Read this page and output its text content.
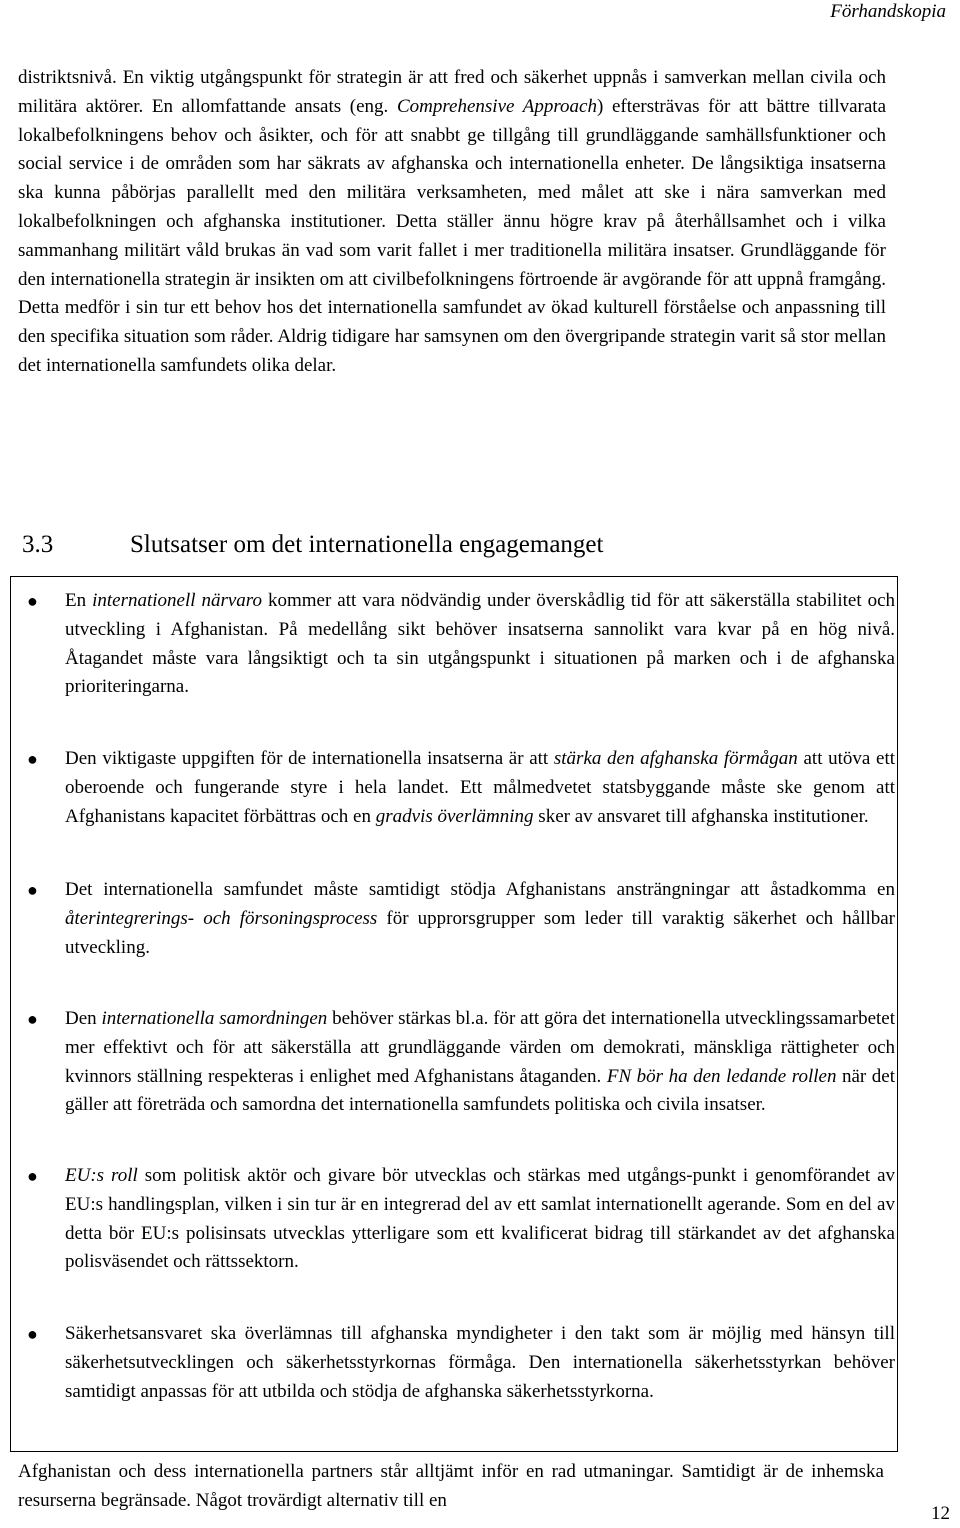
Förhandskopia
distriktsnivå. En viktig utgångspunkt för strategin är att fred och säkerhet uppnås i samverkan mellan civila och militära aktörer. En allomfattande ansats (eng. Comprehensive Approach) eftersträvas för att bättre tillvarata lokalbefolkningens behov och åsikter, och för att snabbt ge tillgång till grundläggande samhällsfunktioner och social service i de områden som har säkrats av afghanska och internationella enheter. De långsiktiga insatserna ska kunna påbörjas parallellt med den militära verksamheten, med målet att ske i nära samverkan med lokalbefolkningen och afghanska institutioner. Detta ställer ännu högre krav på återhållsamhet och i vilka sammanhang militärt våld brukas än vad som varit fallet i mer traditionella militära insatser. Grundläggande för den internationella strategin är insikten om att civilbefolkningens förtroende är avgörande för att uppnå framgång. Detta medför i sin tur ett behov hos det internationella samfundet av ökad kulturell förståelse och anpassning till den specifika situation som råder. Aldrig tidigare har samsynen om den övergripande strategin varit så stor mellan det internationella samfundets olika delar.
3.3	Slutsatser om det internationella engagemanget
● En internationell närvaro kommer att vara nödvändig under överskådlig tid för att säkerställa stabilitet och utveckling i Afghanistan. På medellång sikt behöver insatserna sannolikt vara kvar på en hög nivå. Åtagandet måste vara långsiktigt och ta sin utgångspunkt i situationen på marken och i de afghanska prioriteringarna.
● Den viktigaste uppgiften för de internationella insatserna är att stärka den afghanska förmågan att utöva ett oberoende och fungerande styre i hela landet. Ett målmedvetet statsbyggande måste ske genom att Afghanistans kapacitet förbättras och en gradvis överlämning sker av ansvaret till afghanska institutioner.
● Det internationella samfundet måste samtidigt stödja Afghanistans ansträngningar att åstadkomma en återintegrerings- och försoningsprocess för upprorsgrupper som leder till varaktig säkerhet och hållbar utveckling.
● Den internationella samordningen behöver stärkas bl.a. för att göra det internationella utvecklingssamarbetet mer effektivt och för att säkerställa att grundläggande värden om demokrati, mänskliga rättigheter och kvinnors ställning respekteras i enlighet med Afghanistans åtaganden. FN bör ha den ledande rollen när det gäller att företräda och samordna det internationella samfundets politiska och civila insatser.
● EU:s roll som politisk aktör och givare bör utvecklas och stärkas med utgångs-punkt i genomförandet av EU:s handlingsplan, vilken i sin tur är en integrerad del av ett samlat internationellt agerande. Som en del av detta bör EU:s polisinsats utvecklas ytterligare som ett kvalificerat bidrag till stärkandet av det afghanska polisväsendet och rättssektorn.
● Säkerhetsansvaret ska överlämnas till afghanska myndigheter i den takt som är möjlig med hänsyn till säkerhetsutvecklingen och säkerhetsstyrkornas förmåga. Den internationella säkerhetsstyrkan behöver samtidigt anpassas för att utbilda och stödja de afghanska säkerhetsstyrkorna.
Afghanistan och dess internationella partners står alltjämt inför en rad utmaningar. Samtidigt är de inhemska resurserna begränsade. Något trovärdigt alternativ till en
12
